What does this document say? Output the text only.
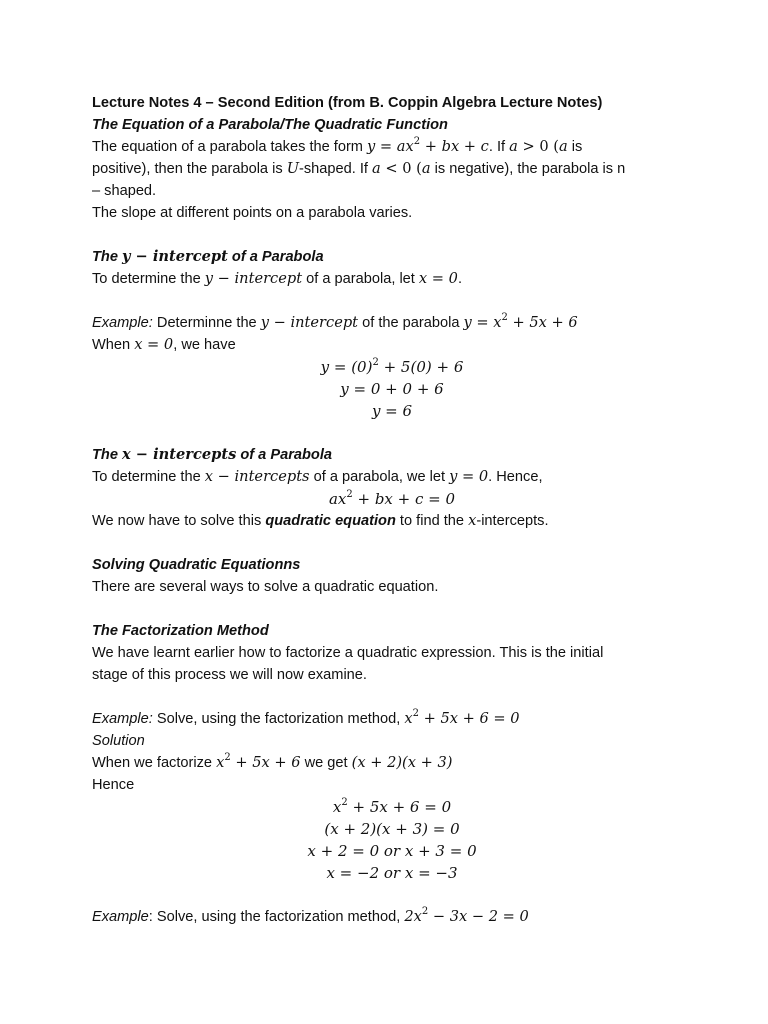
Lecture Notes 4 – Second Edition (from B. Coppin Algebra Lecture Notes)
The Equation of a Parabola/The Quadratic Function
The equation of a parabola takes the form $y = ax^2$ + bx + c. If a > 0 (a is
positive), then the parabola is U-shaped. If a < 0 (a is negative), the parabola is n
– shaped.
The slope at different points on a parabola varies.
The y − intercept of a Parabola
To determine the y − intercept of a parabola, let x = 0.
Example: Determinne the y − intercept of the parabola $y = x^2 + 5x + 6$
When x = 0, we have
$y = (0)^2 + 5(0) + 6$
y = 0 + 0 + 6
y = 6
The x − intercepts of a Parabola
To determine the x − intercepts of a parabola, we let y = 0. Hence,
$ax^2$ + bx + c = 0
We now have to solve this quadratic equation to find the x-intercepts.
Solving Quadratic Equationns
There are several ways to solve a quadratic equation.
The Factorization Method
We have learnt earlier how to factorize a quadratic expression. This is the initial
stage of this process we will now examine.
Example: Solve, using the factorization method, $x^2 + 5x + 6 = 0$
Solution
When we factorize $x^2 + 5x + 6$ we get (x + 2)(x + 3)
Hence
$x^2 + 5x + 6 = 0$
(x + 2)(x + 3) = 0
x + 2 = 0 or x + 3 = 0
x = −2 or x = −3
Example: Solve, using the factorization method, $2x^2 - 3x - 2 = 0$
